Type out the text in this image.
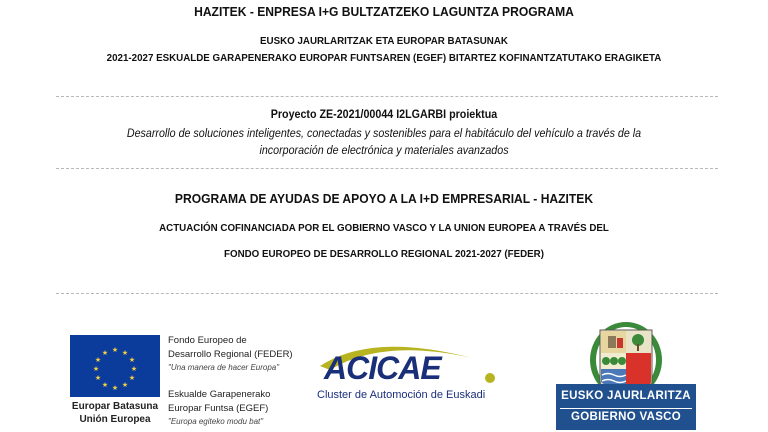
HAZITEK - ENPRESA I+G BULTZATZEKO LAGUNTZA PROGRAMA
EUSKO JAURLARITZAK ETA EUROPAR BATASUNAK
2021-2027 ESKUALDE GARAPENERAKO EUROPAR FUNTSAREN (EGEF) BITARTEZ KOFINANTZATUTAKO ERAGIKETA
Proyecto ZE-2021/00044 I2LGARBI proiektua
Desarrollo de soluciones inteligentes, conectadas y sostenibles para el habitáculo del vehículo a través de la
incorporación de electrónica y materiales avanzados
PROGRAMA DE AYUDAS DE APOYO A LA I+D EMPRESARIAL - HAZITEK
ACTUACIÓN COFINANCIADA POR EL GOBIERNO VASCO Y LA UNION EUROPEA A TRAVÉS DEL
FONDO EUROPEO DE DESARROLLO REGIONAL 2021-2027 (FEDER)
★ ★
★
★
★
★
★
★
★
★
★
★
Europar Batasuna
Unión Europea
Fondo Europeo de
Desarrollo Regional (FEDER)
"Una manera de hacer Europa"
Eskualde Garapenerako
Europar Funtsa (EGEF)
"Europa egiteko modu bat"
ACICAE
Cluster de Automoción de Euskadi	EUSKO JAURLARITZA
GOBIERNO VASCO
